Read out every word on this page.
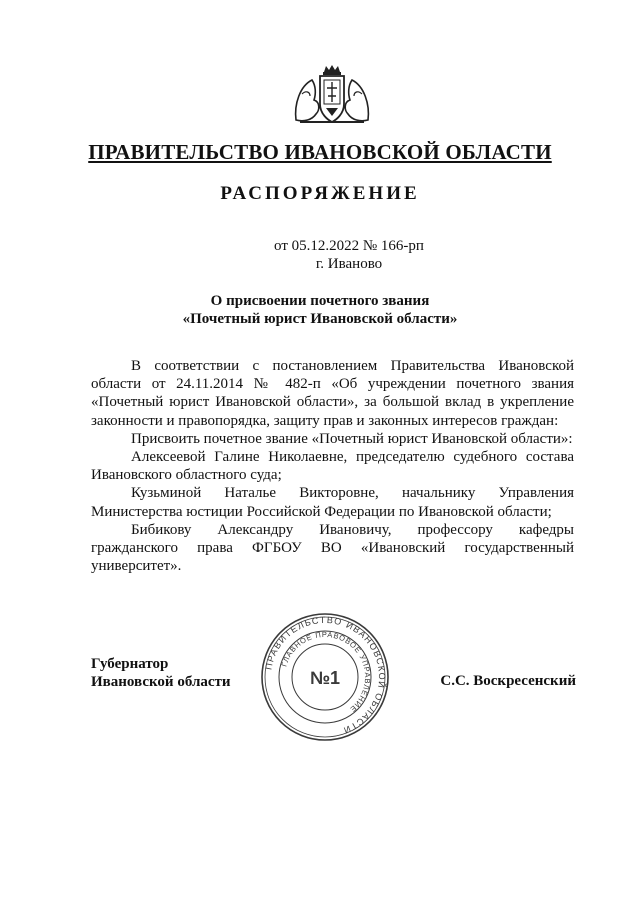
ПРАВИТЕЛЬСТВО ИВАНОВСКОЙ ОБЛАСТИ
РАСПОРЯЖЕНИЕ
от 05.12.2022 № 166-рп
г. Иваново
О присвоении почетного звания
«Почетный юрист Ивановской области»

В соответствии с постановлением Правительства Ивановской области от 24.11.2014 № 482-п «Об учреждении почетного звания «Почетный юрист Ивановской области», за большой вклад в укрепление законности и правопорядка, защиту прав и законных интересов граждан:

Присвоить почетное звание «Почетный юрист Ивановской области»:

Алексеевой Галине Николаевне, председателю судебного состава Ивановского областного суда;

Кузьминой Наталье Викторовне, начальнику Управления Министерства юстиции Российской Федерации по Ивановской области;

Бибикову Александру Ивановичу, профессору кафедры гражданского права ФГБОУ ВО «Ивановский государственный университет».

Губернатор
Ивановской области	С.С. Воскресенский
ПРАВИТЕЛЬСТВО ИВАНОВСКОЙ ОБЛАСТИ
ГЛАВНОЕ ПРАВОВОЕ УПРАВЛЕНИЕ
№1
